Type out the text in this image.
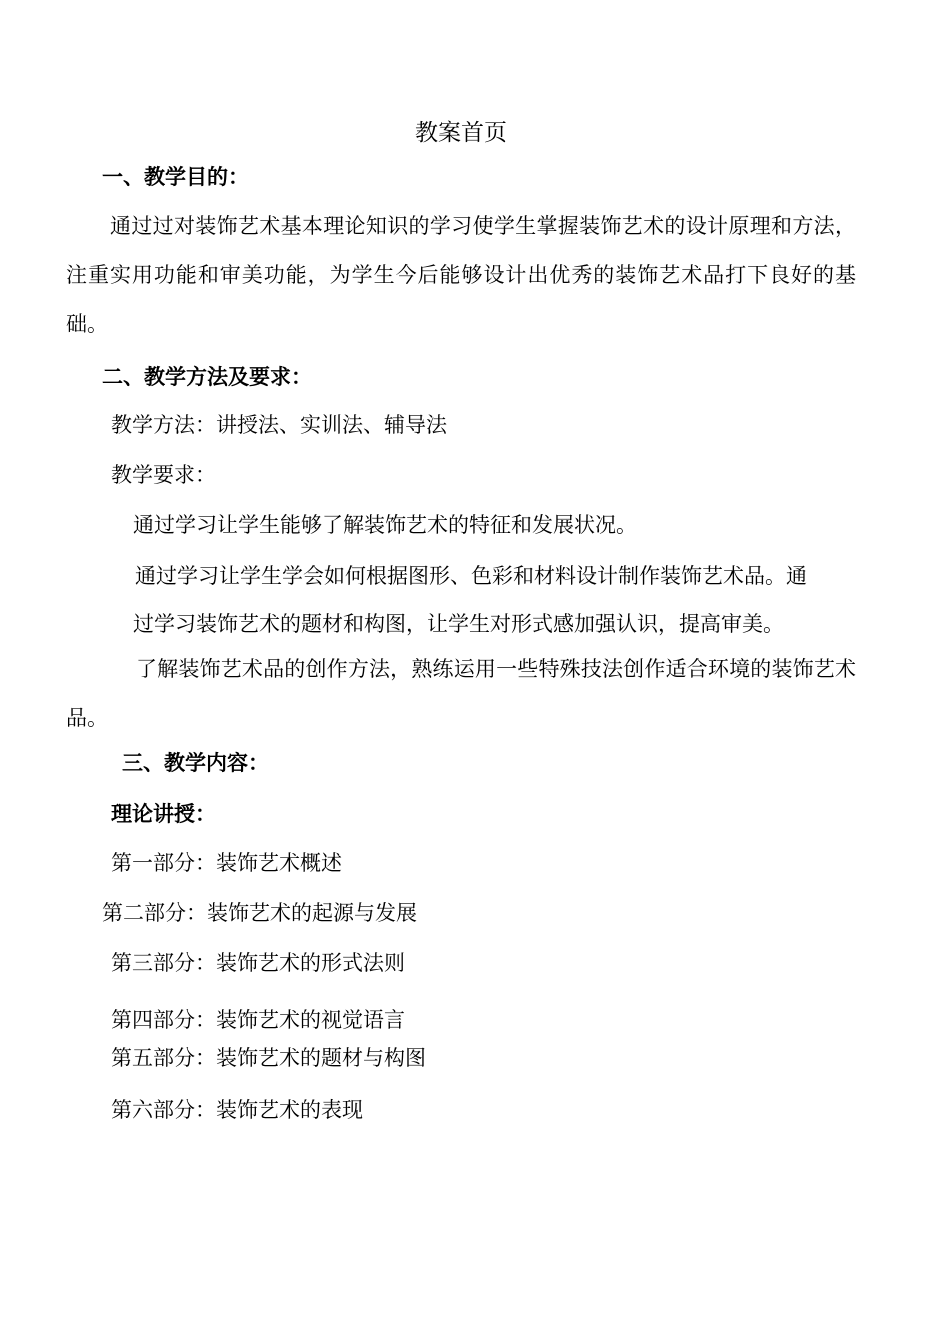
教案首页
一、教学目的：

通过过对装饰艺术基本理论知识的学习使学生掌握装饰艺术的设计原理和方法，注重实用功能和审美功能，为学生今后能够设计出优秀的装饰艺术品打下良好的基础。

二、教学方法及要求：
教学方法：讲授法、实训法、辅导法
教学要求：
通过学习让学生能够了解装饰艺术的特征和发展状况。
通过学习让学生学会如何根据图形、色彩和材料设计制作装饰艺术品。通
过学习装饰艺术的题材和构图，让学生对形式感加强认识，提高审美。

了解装饰艺术品的创作方法，熟练运用一些特殊技法创作适合环境的装饰艺术品。

三、教学内容：
理论讲授：
第一部分：装饰艺术概述
第二部分：装饰艺术的起源与发展
第三部分：装饰艺术的形式法则
第四部分：装饰艺术的视觉语言
第五部分：装饰艺术的题材与构图
第六部分：装饰艺术的表现
